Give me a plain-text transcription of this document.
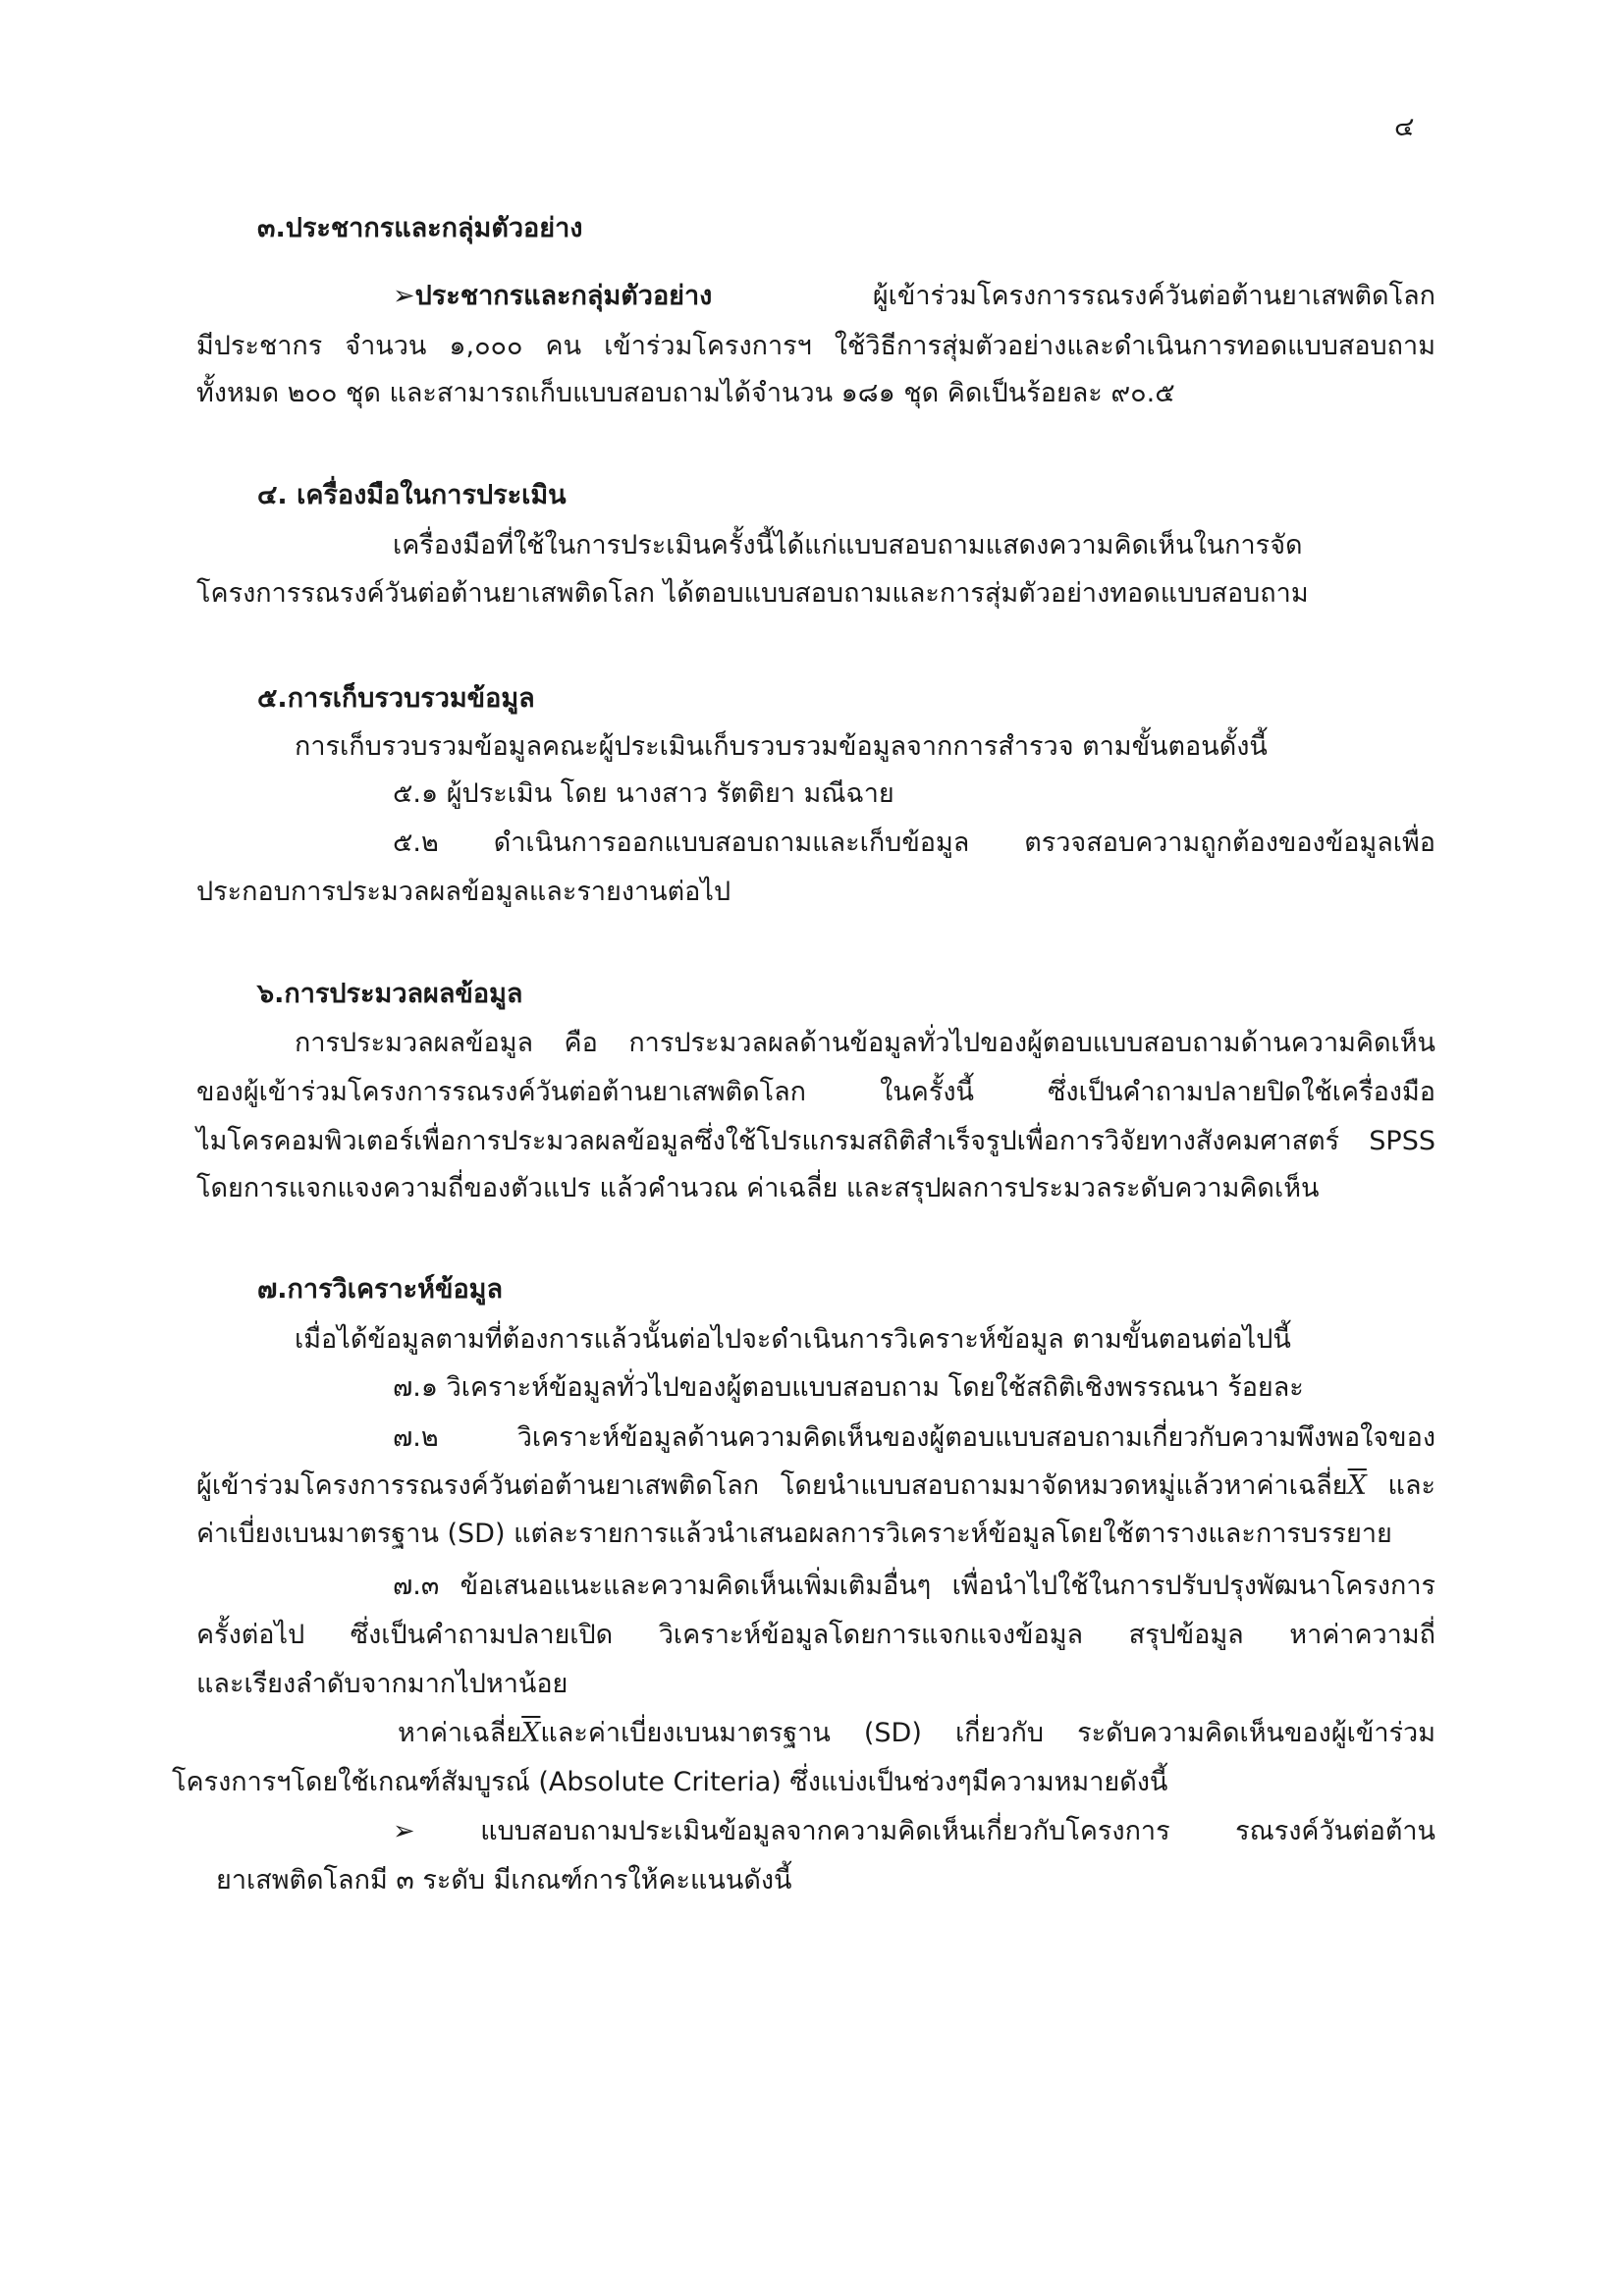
๔
๓.ประชากรและกลุ่มตัวอย่าง
➢ประชากรและกลุ่มตัวอย่าง ผู้เข้าร่วมโครงการรณรงค์วันต่อต้านยาเสพติดโลก
มีประชากร จำนวน ๑,๐๐๐ คน เข้าร่วมโครงการฯ ใช้วิธีการสุ่มตัวอย่างและดำเนินการทอดแบบสอบถาม
ทั้งหมด ๒๐๐ ชุด และสามารถเก็บแบบสอบถามได้จำนวน ๑๘๑ ชุด คิดเป็นร้อยละ ๙๐.๕
๔. เครื่องมือในการประเมิน
เครื่องมือที่ใช้ในการประเมินครั้งนี้ได้แก่แบบสอบถามแสดงความคิดเห็นในการจัด
โครงการรณรงค์วันต่อต้านยาเสพติดโลก ได้ตอบแบบสอบถามและการสุ่มตัวอย่างทอดแบบสอบถาม
๕.การเก็บรวบรวมข้อมูล
การเก็บรวบรวมข้อมูลคณะผู้ประเมินเก็บรวบรวมข้อมูลจากการสำรวจ ตามขั้นตอนดั้งนี้
๕.๑ ผู้ประเมิน โดย นางสาว รัตติยา มณีฉาย
๕.๒ ดำเนินการออกแบบสอบถามและเก็บข้อมูล ตรวจสอบความถูกต้องของข้อมูลเพื่อ
ประกอบการประมวลผลข้อมูลและรายงานต่อไป
๖.การประมวลผลข้อมูล
การประมวลผลข้อมูล คือ การประมวลผลด้านข้อมูลทั่วไปของผู้ตอบแบบสอบถามด้านความคิดเห็น
ของผู้เข้าร่วมโครงการรณรงค์วันต่อต้านยาเสพติดโลก ในครั้งนี้ ซึ่งเป็นคำถามปลายปิดใช้เครื่องมือ
ไมโครคอมพิวเตอร์เพื่อการประมวลผลข้อมูลซึ่งใช้โปรแกรมสถิติสำเร็จรูปเพื่อการวิจัยทางสังคมศาสตร์ SPSS
โดยการแจกแจงความถี่ของตัวแปร แล้วคำนวณ ค่าเฉลี่ย และสรุปผลการประมวลระดับความคิดเห็น
๗.การวิเคราะห์ข้อมูล
เมื่อได้ข้อมูลตามที่ต้องการแล้วนั้นต่อไปจะดำเนินการวิเคราะห์ข้อมูล ตามขั้นตอนต่อไปนี้
๗.๑ วิเคราะห์ข้อมูลทั่วไปของผู้ตอบแบบสอบถาม โดยใช้สถิติเชิงพรรณนา ร้อยละ
๗.๒ วิเคราะห์ข้อมูลด้านความคิดเห็นของผู้ตอบแบบสอบถามเกี่ยวกับความพึงพอใจของ
ผู้เข้าร่วมโครงการรณรงค์วันต่อต้านยาเสพติดโลก โดยนำแบบสอบถามมาจัดหมวดหมู่แล้วหาค่าเฉลี่ย$\overline{X}$ และ
ค่าเบี่ยงเบนมาตรฐาน (SD) แต่ละรายการแล้วนำเสนอผลการวิเคราะห์ข้อมูลโดยใช้ตารางและการบรรยาย
๗.๓ ข้อเสนอแนะและความคิดเห็นเพิ่มเติมอื่นๆ เพื่อนำไปใช้ในการปรับปรุงพัฒนาโครงการ
ครั้งต่อไป ซึ่งเป็นคำถามปลายเปิด วิเคราะห์ข้อมูลโดยการแจกแจงข้อมูล สรุปข้อมูล หาค่าความถี่
และเรียงลำดับจากมากไปหาน้อย
หาค่าเฉลี่ย$\overline{X}$และค่าเบี่ยงเบนมาตรฐาน (SD) เกี่ยวกับ ระดับความคิดเห็นของผู้เข้าร่วม
โครงการฯโดยใช้เกณฑ์สัมบูรณ์ (Absolute Criteria) ซึ่งแบ่งเป็นช่วงๆมีความหมายดังนี้
➢ แบบสอบถามประเมินข้อมูลจากความคิดเห็นเกี่ยวกับโครงการ รณรงค์วันต่อต้าน
ยาเสพติดโลกมี ๓ ระดับ มีเกณฑ์การให้คะแนนดังนี้
